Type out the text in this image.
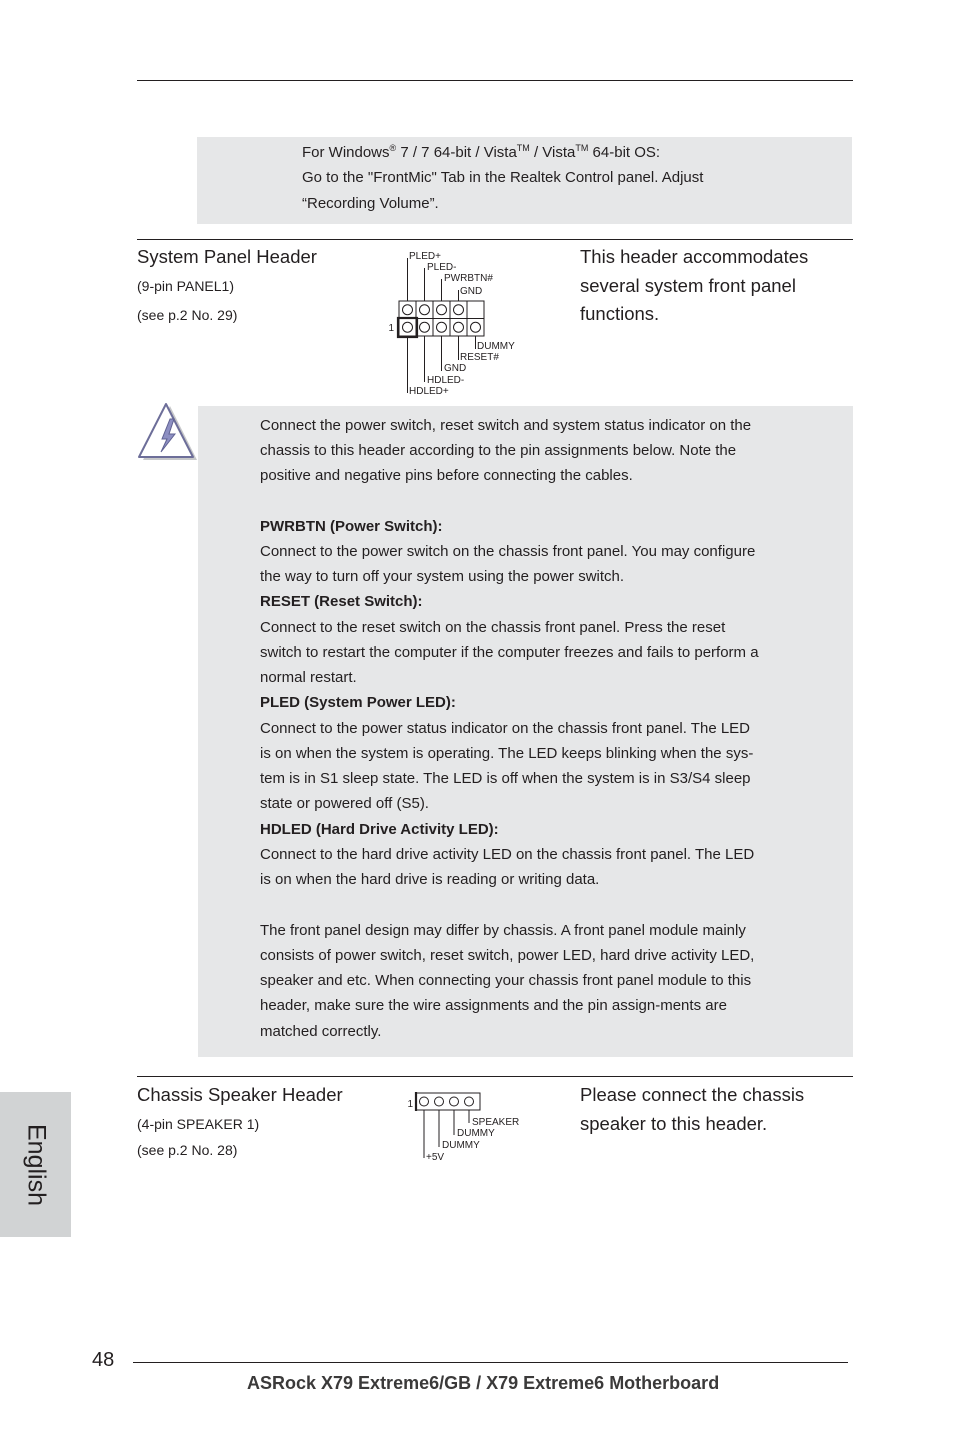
For Windows® 7 / 7 64-bit / Vista™ / Vista™ 64-bit OS:
Go to the "FrontMic" Tab in the Realtek Control panel. Adjust
“Recording Volume”.
System Panel Header
(9-pin PANEL1)
(see p.2 No. 29)
This header accommodates
several system front panel
functions.
1
PLED+
PLED-
PWRBTN#
GND
DUMMY
RESET#
GND
HDLED-
HDLED+
Connect the power switch, reset switch and system status indicator on the
chassis to this header according to the pin assignments below. Note the
positive and negative pins before connecting the cables.
PWRBTN (Power Switch):
Connect to the power switch on the chassis front panel. You may configure
the way to turn off your system using the power switch.
RESET (Reset Switch):
Connect to the reset switch on the chassis front panel. Press the reset
switch to restart the computer if the computer freezes and fails to perform a
normal restart.
PLED (System Power LED):
Connect to the power status indicator on the chassis front panel. The LED
is on when the system is operating. The LED keeps blinking when the sys-
tem is in S1 sleep state. The LED is off when the system is in S3/S4 sleep
state or powered off (S5).
HDLED (Hard Drive Activity LED):
Connect to the hard drive activity LED on the chassis front panel. The LED
is on when the hard drive is reading or writing data.
The front panel design may differ by chassis. A front panel module mainly
consists of power switch, reset switch, power LED, hard drive activity LED,
speaker and etc. When connecting your chassis front panel module to this
header, make sure the wire assignments and the pin assign-ments are
matched correctly.
Chassis Speaker Header
(4-pin SPEAKER 1)
(see p.2 No. 28)
Please connect the chassis
speaker to this header.
1
SPEAKER
DUMMY
DUMMY
+5V
English
48
ASRock X79 Extreme6/GB / X79 Extreme6 Motherboard
